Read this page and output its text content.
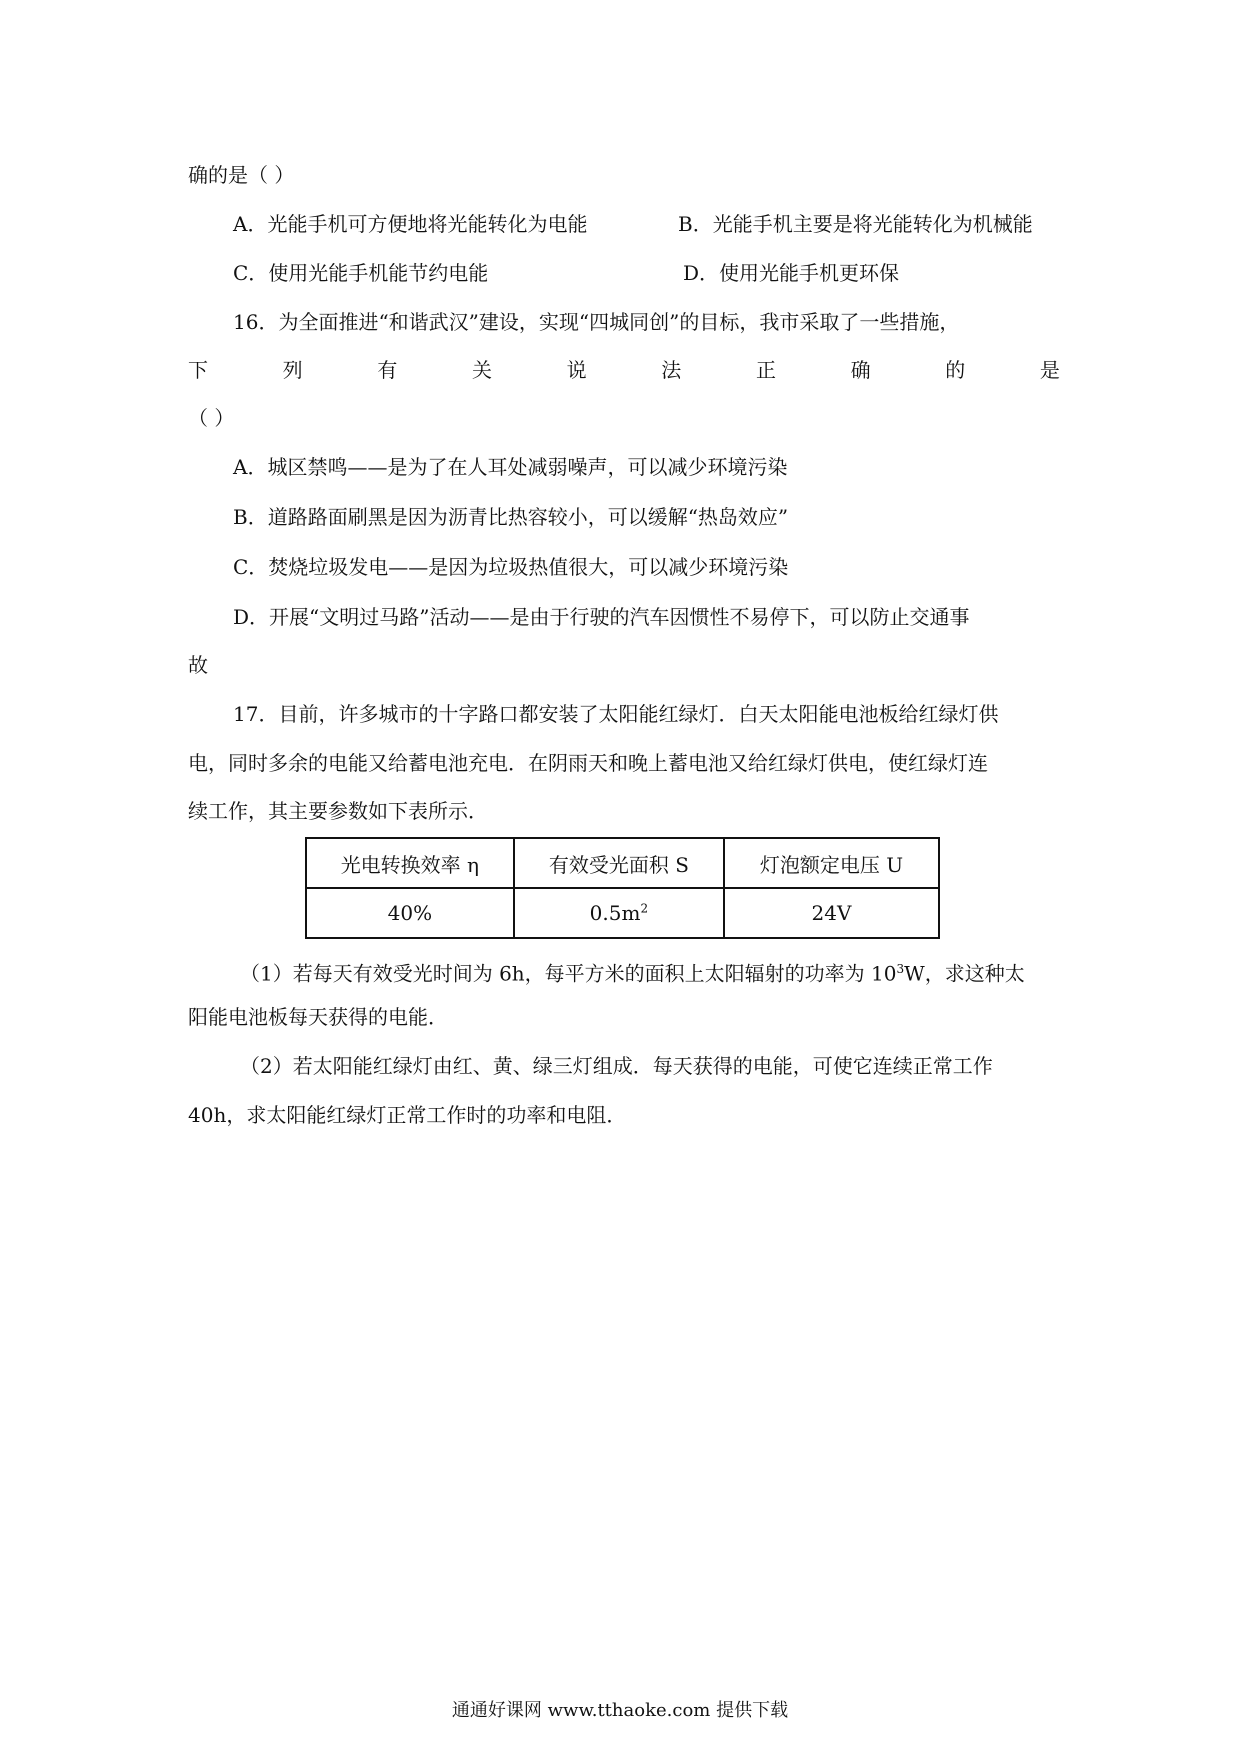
确的是（ ）
A．光能手机可方便地将光能转化为电能	B．光能手机主要是将光能转化为机械能
C．使用光能手机能节约电能	D．使用光能手机更环保
16．为全面推进“和谐武汉”建设，实现“四城同创”的目标，我市采取了一些措施，
下	列	有	关	说	法	正	确	的	是
（ ）
A．城区禁鸣——是为了在人耳处减弱噪声，可以减少环境污染
B．道路路面刷黑是因为沥青比热容较小，可以缓解“热岛效应”
C．焚烧垃圾发电——是因为垃圾热值很大，可以减少环境污染
D．开展“文明过马路”活动——是由于行驶的汽车因惯性不易停下，可以防止交通事
故
17．目前，许多城市的十字路口都安装了太阳能红绿灯．白天太阳能电池板给红绿灯供
电，同时多余的电能又给蓄电池充电．在阴雨天和晚上蓄电池又给红绿灯供电，使红绿灯连
续工作，其主要参数如下表所示．
光电转换效率 η	有效受光面积 S	灯泡额定电压 U
40%	$0.5m^2$	24V
（1）若每天有效受光时间为 6h，每平方米的面积上太阳辐射的功率为 $10^3W$，求这种太
阳能电池板每天获得的电能．
（2）若太阳能红绿灯由红、黄、绿三灯组成．每天获得的电能，可使它连续正常工作
40h，求太阳能红绿灯正常工作时的功率和电阻．
通通好课网 www.tthaoke.com 提供下载
